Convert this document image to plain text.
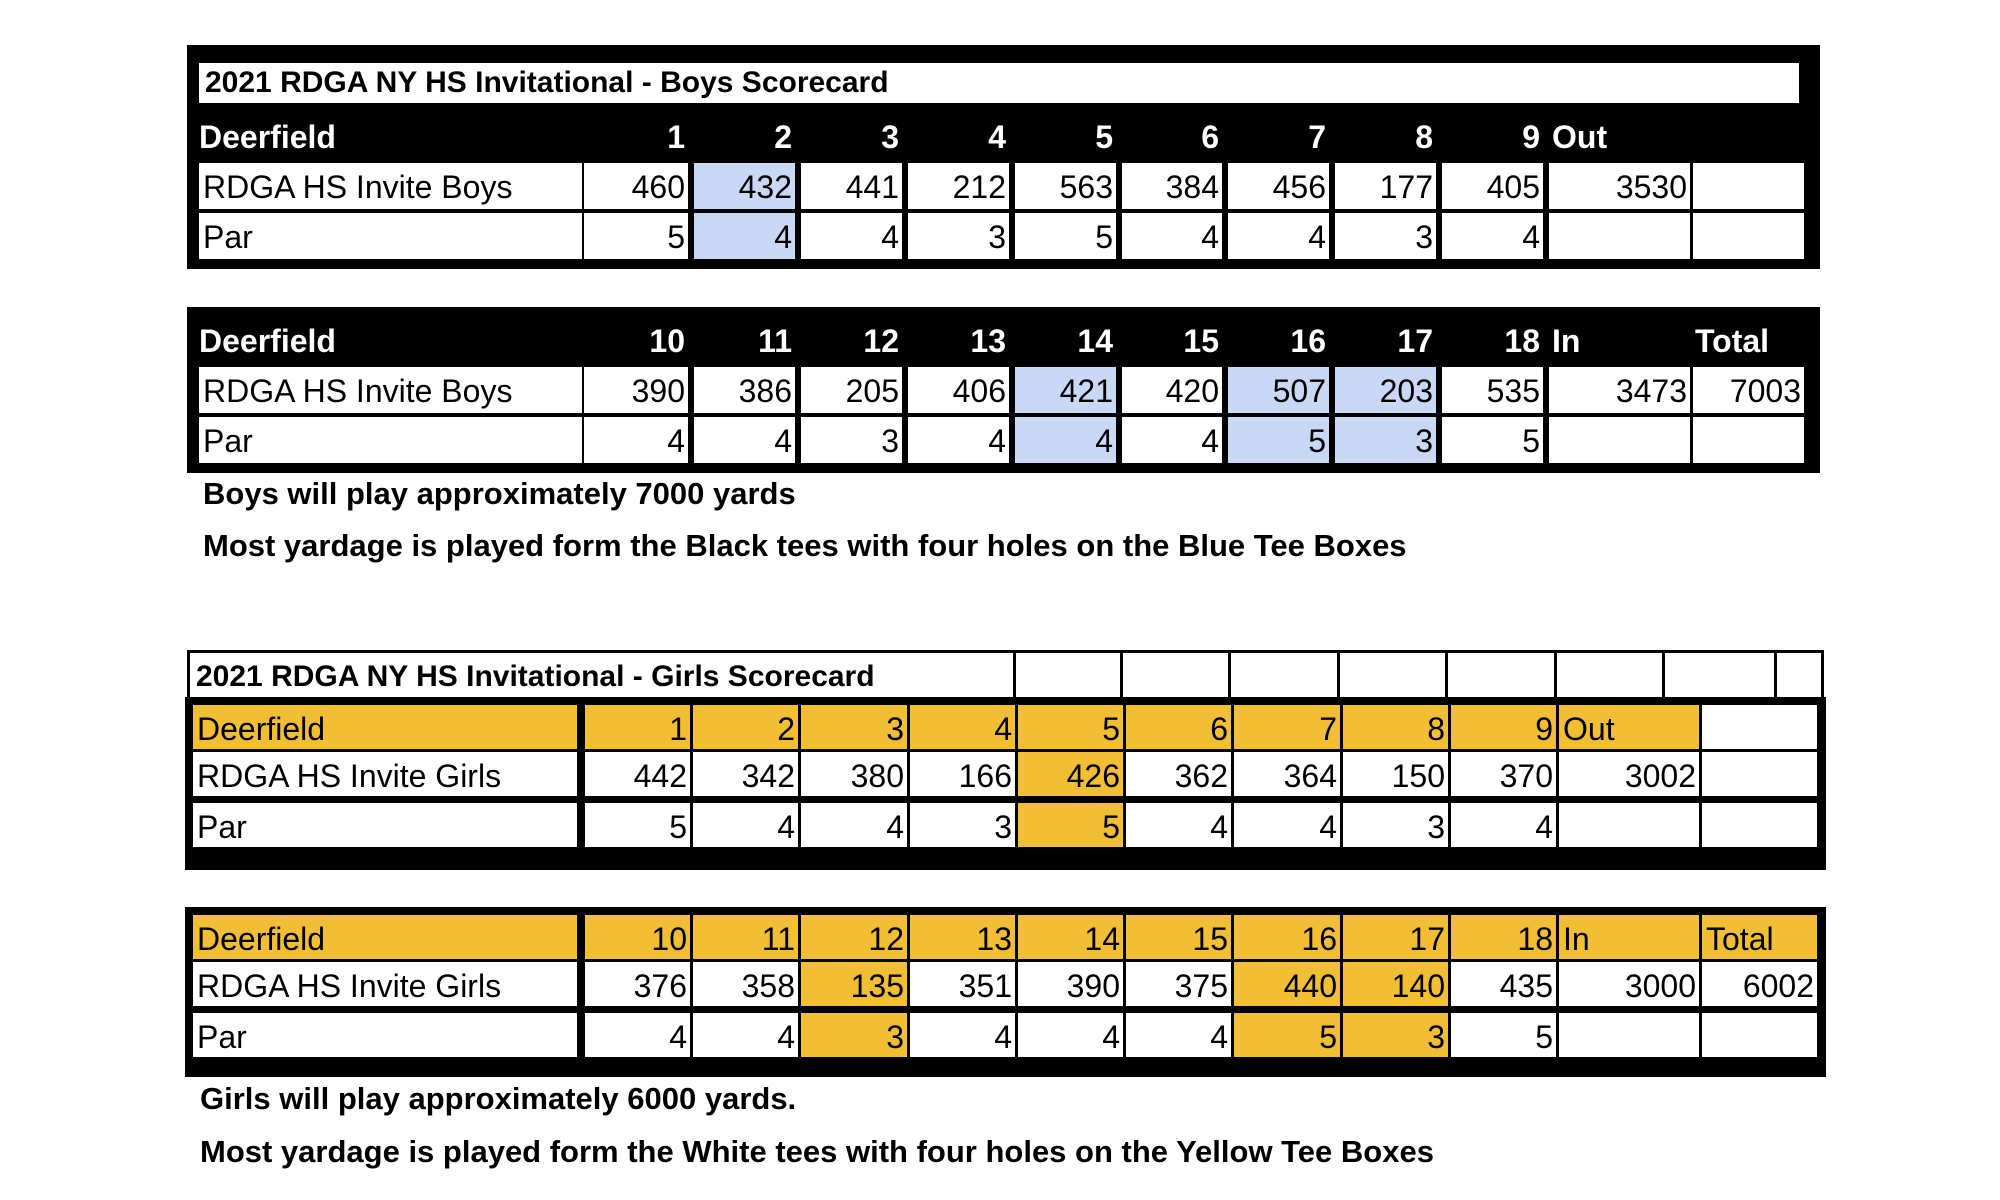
2021 RDGA NY HS Invitational - Boys Scorecard
Deerfield	1	2	3	4	5	6	7	8	9 Out
RDGA HS Invite Boys	460	432	441	212	563	384	456	177	405	3530
Par	5	4	4	3	5	4	4	3	4
Deerfield	10	11	12	13	14	15	16	17	18 In	Total
RDGA HS Invite Boys	390	386	205	406	421	420	507	203	535	3473	7003
Par	4	4	3	4	4	4	5	3	5
Boys will play approximately 7000 yards
Most yardage is played form the Black tees with four holes on the Blue Tee Boxes
2021 RDGA NY HS Invitational - Girls Scorecard
Deerfield	1	2	3	4	5	6	7	8	9 Out
RDGA HS Invite Girls	442	342	380	166	426	362	364	150	370	3002
Par	5	4	4	3	5	4	4	3	4
Deerfield	10	11	12	13	14	15	16	17	18 In	Total
RDGA HS Invite Girls	376	358	135	351	390	375	440	140	435	3000	6002
Par	4	4	3	4	4	4	5	3	5
Girls will play approximately 6000 yards.
Most yardage is played form the White tees with four holes on the Yellow Tee Boxes
